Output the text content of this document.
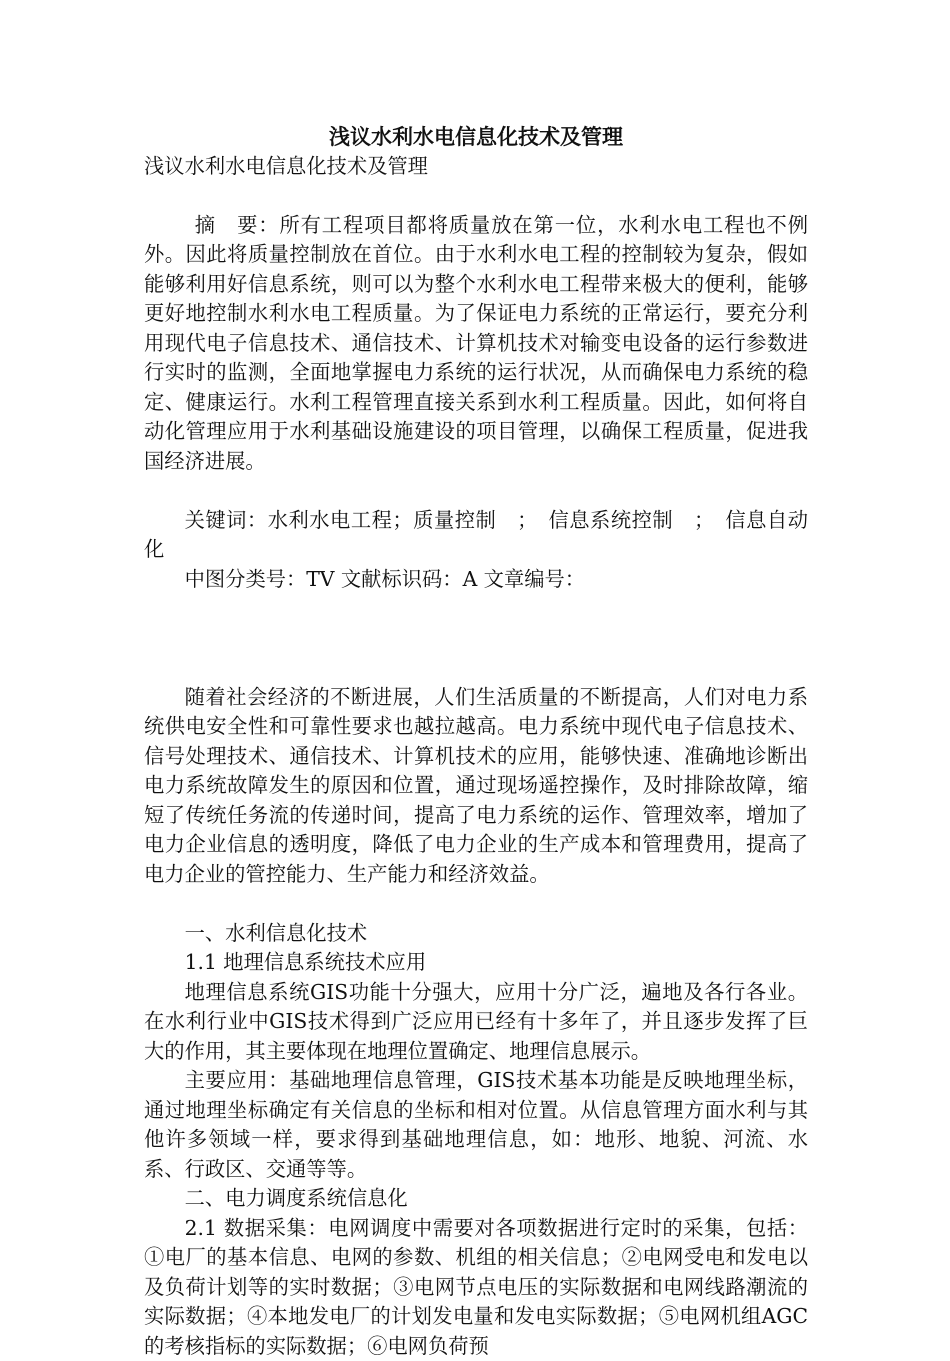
浅议水利水电信息化技术及管理

浅议水利水电信息化技术及管理

摘　要：所有工程项目都将质量放在第一位，水利水电工程也不例外。因此将质量控制放在首位。由于水利水电工程的控制较为复杂，假如能够利用好信息系统，则可以为整个水利水电工程带来极大的便利，能够更好地控制水利水电工程质量。为了保证电力系统的正常运行，要充分利用现代电子信息技术、通信技术、计算机技术对输变电设备的运行参数进行实时的监测，全面地掌握电力系统的运行状况，从而确保电力系统的稳定、健康运行。水利工程管理直接关系到水利工程质量。因此，如何将自动化管理应用于水利基础设施建设的项目管理，以确保工程质量，促进我国经济进展。

关键词：水利水电工程；质量控制　；　信息系统控制　；　信息自动化

中图分类号：TV 文献标识码：A 文章编号：

随着社会经济的不断进展，人们生活质量的不断提高，人们对电力系统供电安全性和可靠性要求也越拉越高。电力系统中现代电子信息技术、信号处理技术、通信技术、计算机技术的应用，能够快速、准确地诊断出电力系统故障发生的原因和位置，通过现场遥控操作，及时排除故障，缩短了传统任务流的传递时间，提高了电力系统的运作、管理效率，增加了电力企业信息的透明度，降低了电力企业的生产成本和管理费用，提高了电力企业的管控能力、生产能力和经济效益。

一、水利信息化技术

1.1 地理信息系统技术应用

地理信息系统GIS功能十分强大，应用十分广泛，遍地及各行各业。在水利行业中GIS技术得到广泛应用已经有十多年了，并且逐步发挥了巨大的作用，其主要体现在地理位置确定、地理信息展示。

主要应用：基础地理信息管理，GIS技术基本功能是反映地理坐标，通过地理坐标确定有关信息的坐标和相对位置。从信息管理方面水利与其他许多领域一样，要求得到基础地理信息，如：地形、地貌、河流、水系、行政区、交通等等。

二、电力调度系统信息化

2.1 数据采集：电网调度中需要对各项数据进行定时的采集，包括：①电厂的基本信息、电网的参数、机组的相关信息；②电网受电和发电以及负荷计划等的实时数据；③电网节点电压的实际数据和电网线路潮流的实际数据；④本地发电厂的计划发电量和发电实际数据；⑤电网机组AGC的考核指标的实际数据；⑥电网负荷预
